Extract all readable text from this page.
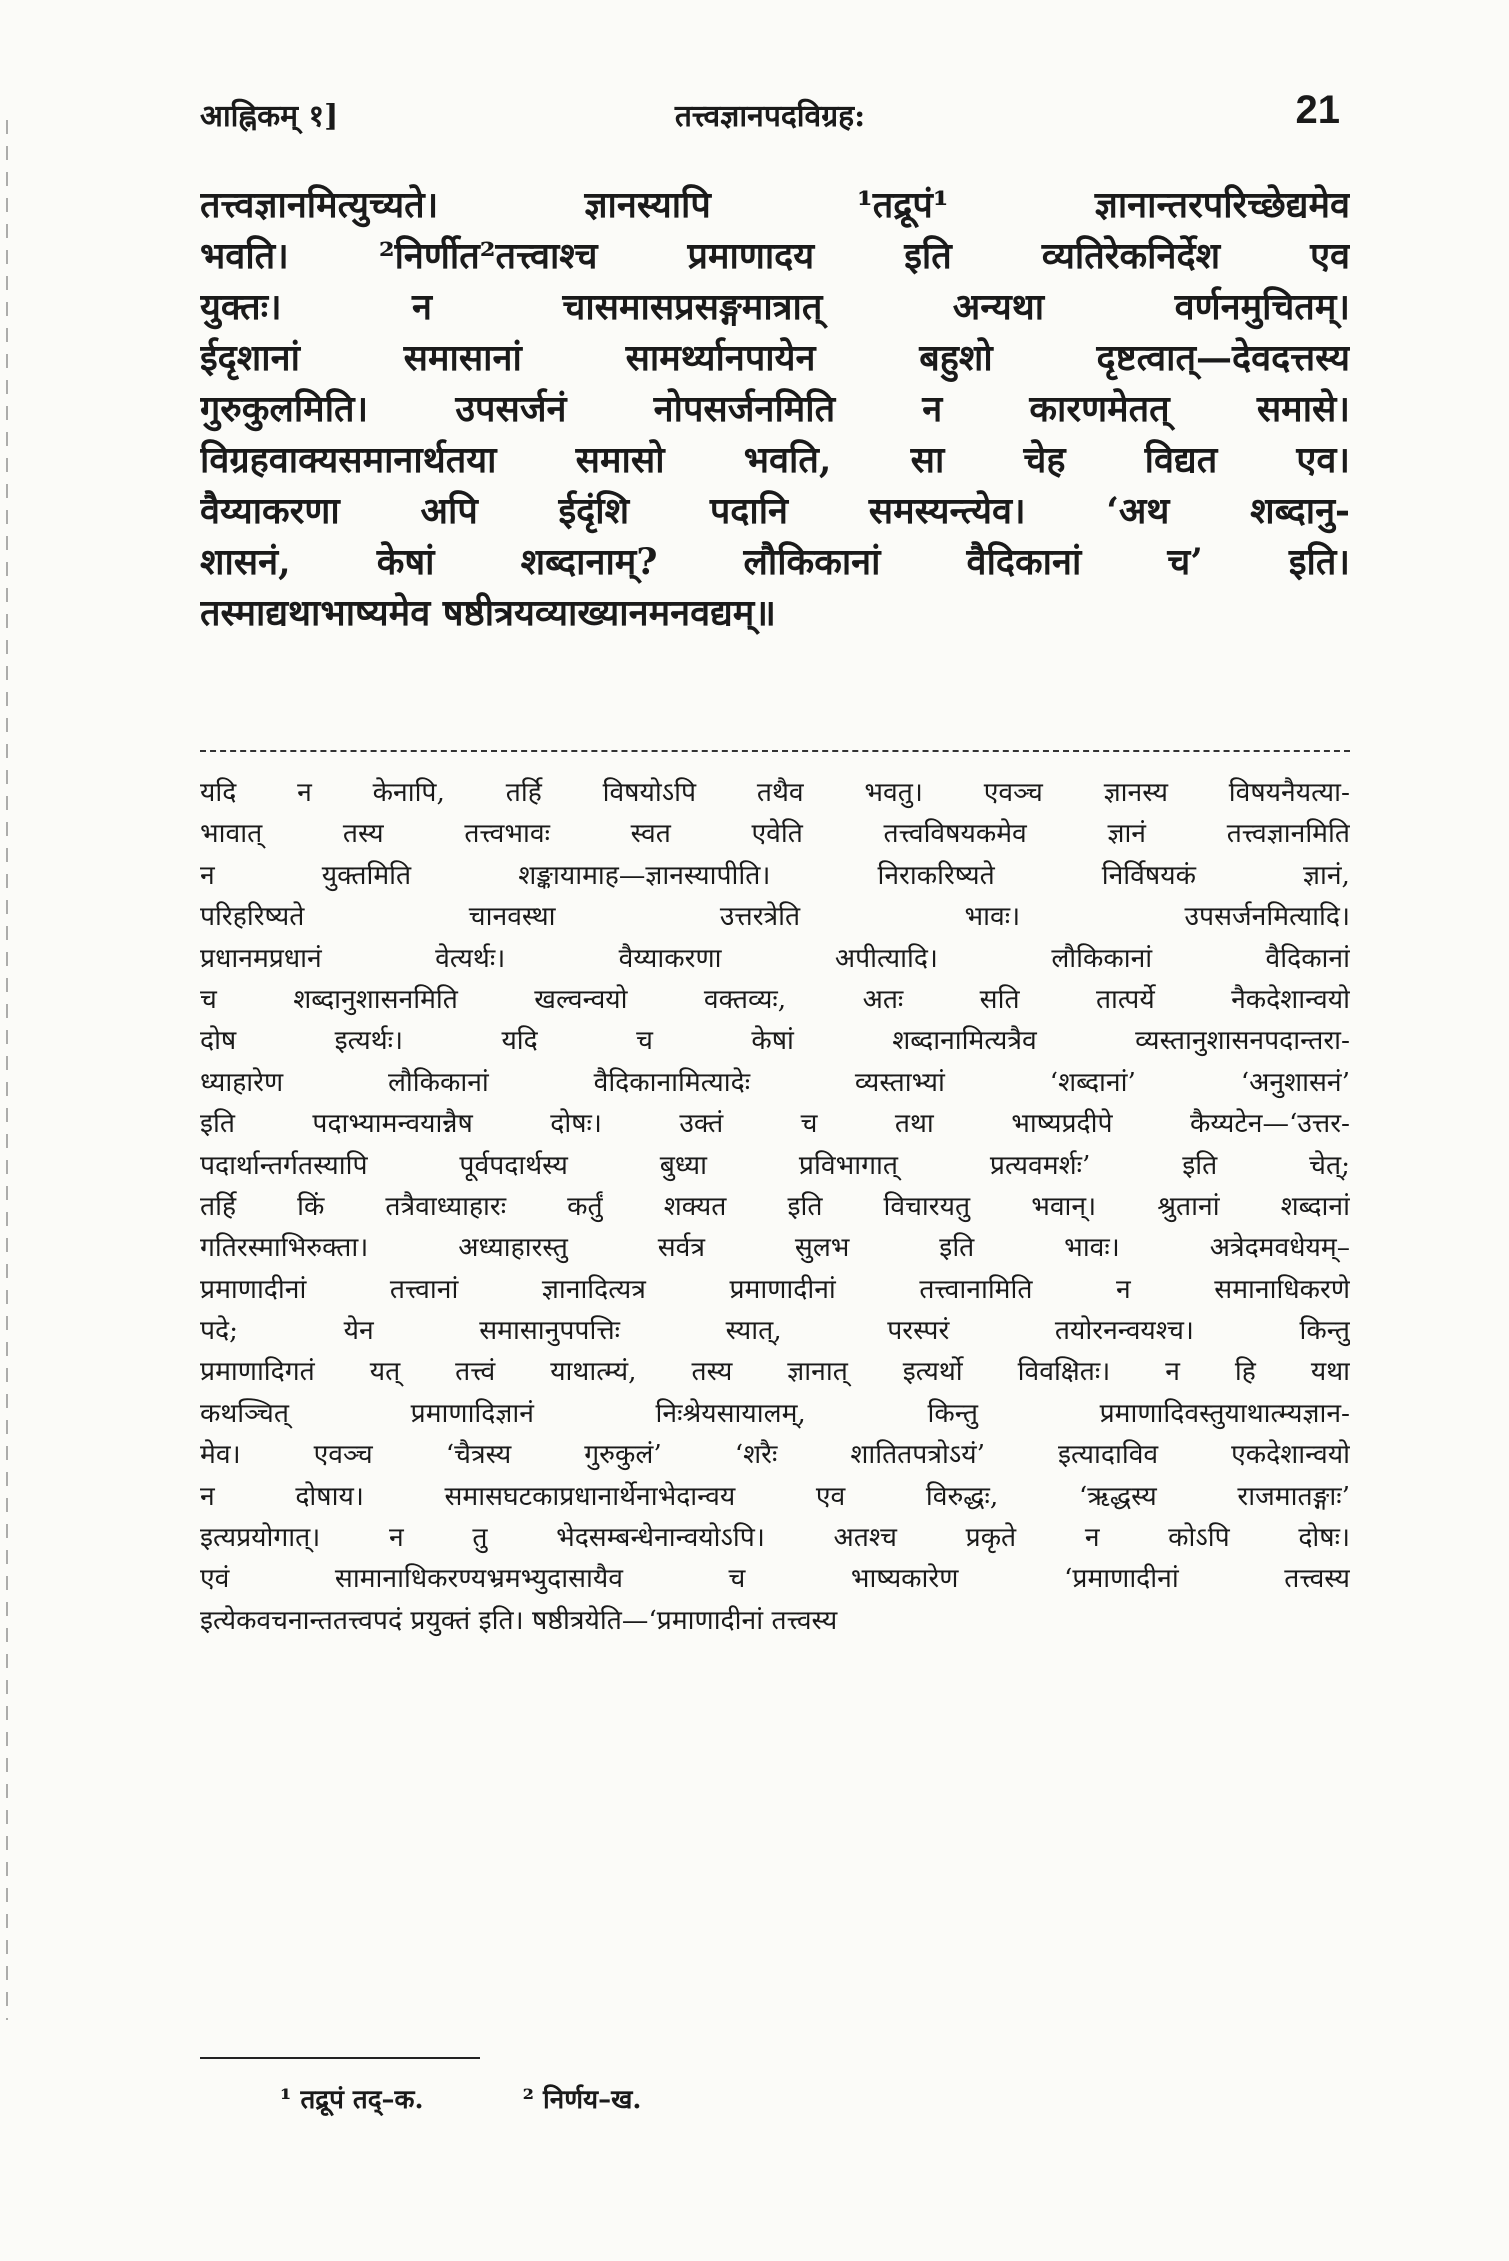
आह्निकम् १]	तत्त्वज्ञानपदविग्रह:	21
तत्त्वज्ञानमित्युच्यते। ज्ञानस्यापि ¹तद्रूपं¹ ज्ञानान्तरपरिच्छेद्यमेव
भवति। ²निर्णीत²तत्त्वाश्च प्रमाणादय इति व्यतिरेकनिर्देश एव
युक्तः। न चासमासप्रसङ्गमात्रात् अन्यथा वर्णनमुचितम्।
ईदृशानां समासानां सामर्थ्यानपायेन बहुशो दृष्टत्वात्—देवदत्तस्य
गुरुकुलमिति। उपसर्जनं नोपसर्जनमिति न कारणमेतत् समासे।
विग्रहवाक्यसमानार्थतया समासो भवति, सा चेह विद्यत एव।
वैय्याकरणा अपि ईदृंशि पदानि समस्यन्त्येव। ‘अथ शब्दानु-
शासनं, केषां शब्दानाम्? लौकिकानां वैदिकानां च’ इति।
तस्माद्यथाभाष्यमेव षष्ठीत्रयव्याख्यानमनवद्यम्॥
यदि न केनापि, तर्हि विषयोऽपि तथैव भवतु। एवञ्च ज्ञानस्य विषयनैयत्या-
भावात् तस्य तत्त्वभावः स्वत एवेति तत्त्वविषयकमेव ज्ञानं तत्त्वज्ञानमिति
न युक्तमिति शङ्कायामाह—ज्ञानस्यापीति। निराकरिष्यते निर्विषयकं ज्ञानं,
परिहरिष्यते चानवस्था उत्तरत्रेति भावः। उपसर्जनमित्यादि।
प्रधानमप्रधानं वेत्यर्थः। वैय्याकरणा अपीत्यादि। लौकिकानां वैदिकानां
च शब्दानुशासनमिति खल्वन्वयो वक्तव्यः, अतः सति तात्पर्ये नैकदेशान्वयो
दोष इत्यर्थः। यदि च केषां शब्दानामित्यत्रैव व्यस्तानुशासनपदान्तरा-
ध्याहारेण लौकिकानां वैदिकानामित्यादेः व्यस्ताभ्यां ‘शब्दानां’ ‘अनुशासनं’
इति पदाभ्यामन्वयान्नैष दोषः। उक्तं च तथा भाष्यप्रदीपे कैय्यटेन—‘उत्तर-
पदार्थान्तर्गतस्यापि पूर्वपदार्थस्य बुध्या प्रविभागात् प्रत्यवमर्शः’ इति चेत्;
तर्हि किं तत्रैवाध्याहारः कर्तुं शक्यत इति विचारयतु भवान्। श्रुतानां शब्दानां
गतिरस्माभिरुक्ता। अध्याहारस्तु सर्वत्र सुलभ इति भावः। अत्रेदमवधेयम्–
प्रमाणादीनां तत्त्वानां ज्ञानादित्यत्र प्रमाणादीनां तत्त्वानामिति न समानाधिकरणे
पदे; येन समासानुपपत्तिः स्यात्, परस्परं तयोरनन्वयश्च। किन्तु
प्रमाणादिगतं यत् तत्त्वं याथात्म्यं, तस्य ज्ञानात् इत्यर्थो विवक्षितः। न हि यथा
कथञ्चित् प्रमाणादिज्ञानं निःश्रेयसायालम्, किन्तु प्रमाणादिवस्तुयाथात्म्यज्ञान-
मेव। एवञ्च ‘चैत्रस्य गुरुकुलं’ ‘शरैः शातितपत्रोऽयं’ इत्यादाविव एकदेशान्वयो
न दोषाय। समासघटकाप्रधानार्थेनाभेदान्वय एव विरुद्धः, ‘ऋद्धस्य राजमातङ्गाः’
इत्यप्रयोगात्। न तु भेदसम्बन्धेनान्वयोऽपि। अतश्च प्रकृते न कोऽपि दोषः।
एवं सामानाधिकरण्यभ्रमभ्युदासायैव च भाष्यकारेण ‘प्रमाणादीनां तत्त्वस्य
इत्येकवचनान्ततत्त्वपदं प्रयुक्तं इति। षष्ठीत्रयेति—‘प्रमाणादीनां तत्त्वस्य
¹ तद्रूपं तद्–क.	² निर्णय–ख.
